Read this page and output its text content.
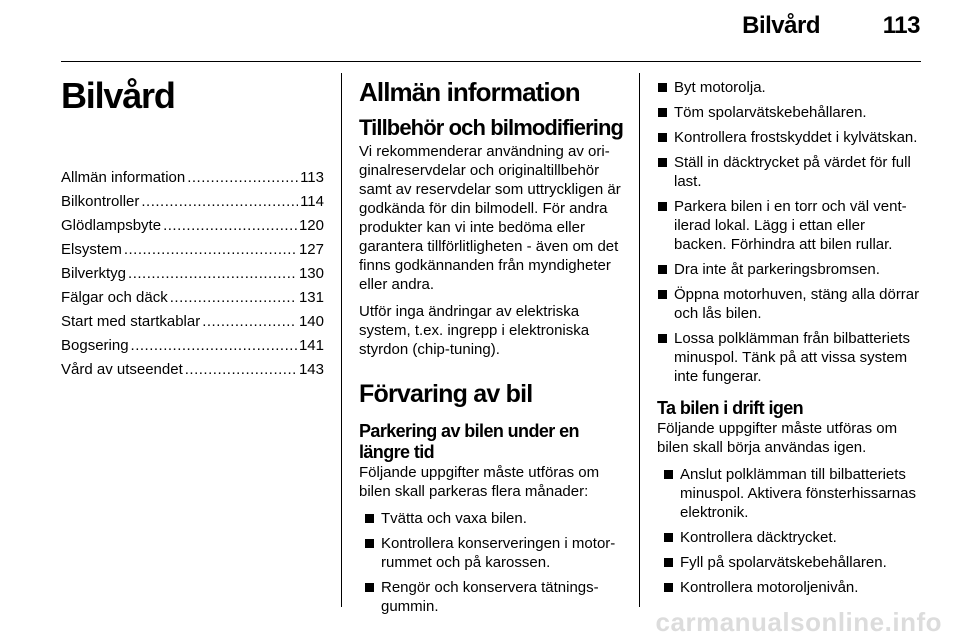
Bilvård	113
Bilvård
Allmän information .....	113
Bilkontroller .....	114
Glödlampsbyte .....	120
Elsystem .....	127
Bilverktyg .....	130
Fälgar och däck .....	131
Start med startkablar .....	140
Bogsering .....	141
Vård av utseendet .....	143
Allmän information
Tillbehör och bilmodifiering

Vi rekommenderar användning av originalreservdelar och originaltillbehör samt av reservdelar som uttryckligen är godkända för din bilmodell. För andra produkter kan vi inte bedöma eller garantera tillförlitligheten - även om det finns godkännanden från myndigheter eller andra.

Utför inga ändringar av elektriska system, t.ex. ingrepp i elektroniska styrdon (chip-tuning).

Förvaring av bil
Parkering av bilen under en längre tid

Följande uppgifter måste utföras om bilen skall parkeras flera månader:

Tvätta och vaxa bilen.
Kontrollera konserveringen i motorrummet och på karossen.
Rengör och konservera tätningsgummin.
Byt motorolja.
Töm spolarvätskebehållaren.
Kontrollera frostskyddet i kylvätskan.
Ställ in däcktrycket på värdet för full last.
Parkera bilen i en torr och väl ventilerad lokal. Lägg i ettan eller backen. Förhindra att bilen rullar.
Dra inte åt parkeringsbromsen.
Öppna motorhuven, stäng alla dörrar och lås bilen.
Lossa polklämman från bilbatteriets minuspol. Tänk på att vissa system inte fungerar.
Ta bilen i drift igen

Följande uppgifter måste utföras om bilen skall börja användas igen.

Anslut polklämman till bilbatteriets minuspol. Aktivera fönsterhissarnas elektronik.
Kontrollera däcktrycket.
Fyll på spolarvätskebehållaren.
Kontrollera motoroljenivån.
carmanualsonline.info
